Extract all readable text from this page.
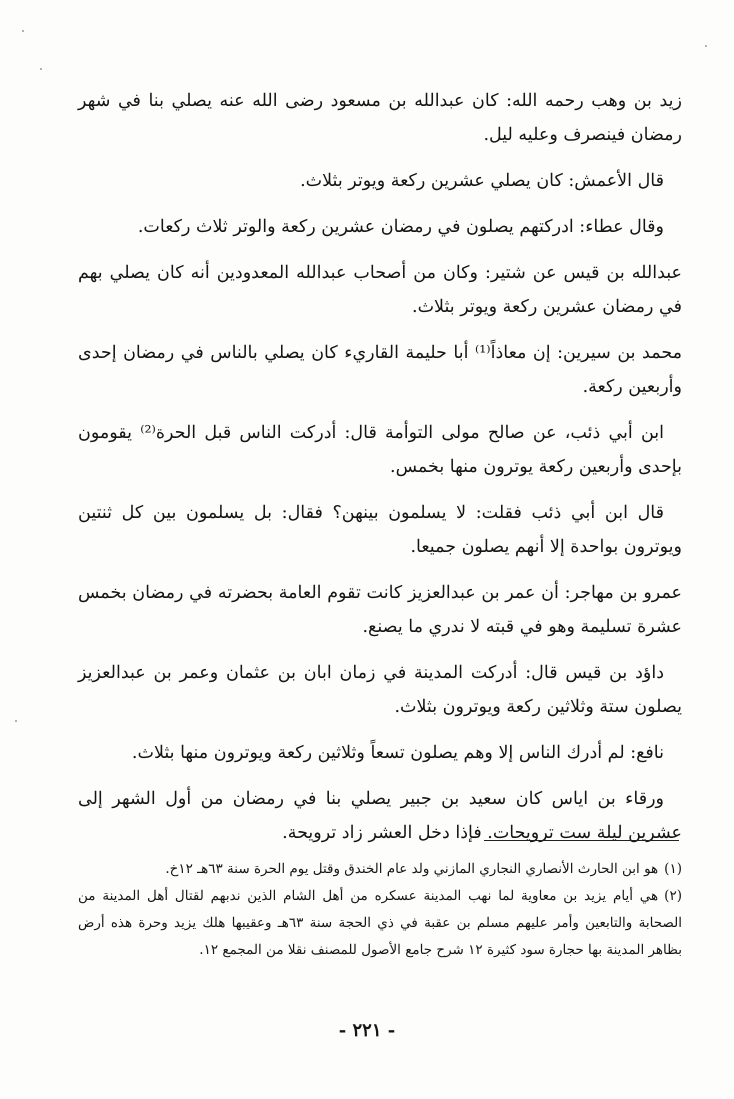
زيد بن وهب رحمه الله: كان عبدالله بن مسعود رضى الله عنه يصلي بنا في شهر رمضان فينصرف وعليه ليل.

قال الأعمش: كان يصلي عشرين ركعة ويوتر بثلاث.

وقال عطاء: ادركتهم يصلون في رمضان عشرين ركعة والوتر ثلاث ركعات.

عبدالله بن قيس عن شتير: وكان من أصحاب عبدالله المعدودين أنه كان يصلي بهم في رمضان عشرين ركعة ويوتر بثلاث.

محمد بن سيرين: إن معاذاً⁽¹⁾ أبا حليمة القاريء كان يصلي بالناس في رمضان إحدى وأربعين ركعة.

ابن أبي ذئب، عن صالح مولى التوأمة قال: أدركت الناس قبل الحرة⁽²⁾ يقومون بإحدى وأربعين ركعة يوترون منها بخمس.

قال ابن أبي ذئب فقلت: لا يسلمون بينهن؟ فقال: بل يسلمون بين كل ثنتين ويوترون بواحدة إلا أنهم يصلون جميعا.

عمرو بن مهاجر: أن عمر بن عبدالعزيز كانت تقوم العامة بحضرته في رمضان بخمس عشرة تسليمة وهو في قبته لا ندري ما يصنع.

داؤد بن قيس قال: أدركت المدينة في زمان ابان بن عثمان وعمر بن عبدالعزيز يصلون ستة وثلاثين ركعة ويوترون بثلاث.

نافع: لم أدرك الناس إلا وهم يصلون تسعاً وثلاثين ركعة ويوترون منها بثلاث.

ورقاء بن اياس كان سعيد بن جبير يصلي بنا في رمضان من أول الشهر إلى عشرين ليلة ست ترويحات. فإذا دخل العشر زاد ترويحة.

(١)هو ابن الحارث الأنصاري النجاري المازني ولد عام الخندق وقتل يوم الحرة سنة ٦٣هـ ١٢خ.

(٢)هي أيام يزيد بن معاوية لما نهب المدينة عسكره من أهل الشام الذين ندبهم لقتال أهل المدينة من الصحابة والتابعين وأمر عليهم مسلم بن عقبة في ذي الحجة سنة ٦٣هـ وعقيبها هلك يزيد وحرة هذه أرض بظاهر المدينة بها حجارة سود كثيرة ١٢ شرح جامع الأصول للمصنف نقلا من المجمع ١٢.

- ٢٢١ -
